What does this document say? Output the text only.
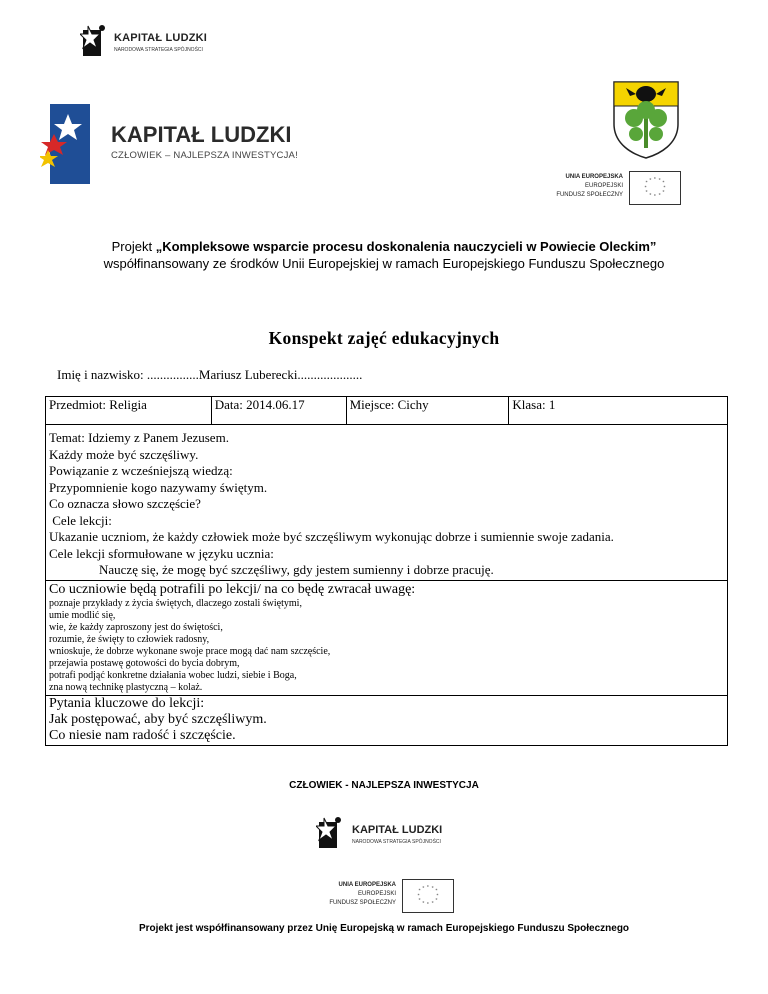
KAPITAŁ LUDZKI
NARODOWA STRATEGIA SPÓJNOŚCI
KAPITAŁ LUDZKI
CZŁOWIEK – NAJLEPSZA INWESTYCJA!
UNIA EUROPEJSKA
EUROPEJSKI
FUNDUSZ SPOŁECZNY
* *
*
*
*
*
*
*
*
*
*
*
Projekt „Kompleksowe wsparcie procesu doskonalenia nauczycieli w Powiecie Oleckim”
współfinansowany ze środków Unii Europejskiej w ramach Europejskiego Funduszu Społecznego
Konspekt zajęć edukacyjnych
Imię i nazwisko: ................Mariusz Luberecki....................
Przedmiot: Religia	Data: 2014.06.17	Miejsce: Cichy	Klasa: 1

Temat: Idziemy z Panem Jezusem.

Każdy może być szczęśliwy.

Powiązanie z wcześniejszą wiedzą:

Przypomnienie kogo nazywamy świętym.

Co oznacza słowo szczęście?

Cele lekcji:

Ukazanie uczniom, że każdy człowiek może być szczęśliwym wykonując dobrze i sumiennie swoje zadania.

Cele lekcji sformułowane w języku ucznia:

Nauczę się, że mogę być szczęśliwy, gdy jestem sumienny i dobrze pracuję.

Co uczniowie będą potrafili po lekcji/ na co będę zwracał uwagę:

poznaje przykłady z życia świętych, dlaczego zostali świętymi,

umie modlić się,

wie, że każdy zaproszony jest do świętości,

rozumie, że święty to człowiek radosny,

wnioskuje, że dobrze wykonane swoje prace mogą dać nam szczęście,

przejawia postawę gotowości do bycia dobrym,

potrafi podjąć konkretne działania wobec ludzi, siebie i Boga,

zna nową technikę plastyczną – kolaż.

Pytania kluczowe do lekcji:

Jak postępować, aby być szczęśliwym.

Co niesie nam radość i szczęście.

CZŁOWIEK - NAJLEPSZA INWESTYCJA
KAPITAŁ LUDZKI
NARODOWA STRATEGIA SPÓJNOŚCI
UNIA EUROPEJSKA
EUROPEJSKI
FUNDUSZ SPOŁECZNY
* *
*
*
*
*
*
*
*
*
*
*
Projekt jest współfinansowany przez Unię Europejską w ramach Europejskiego Funduszu Społecznego
